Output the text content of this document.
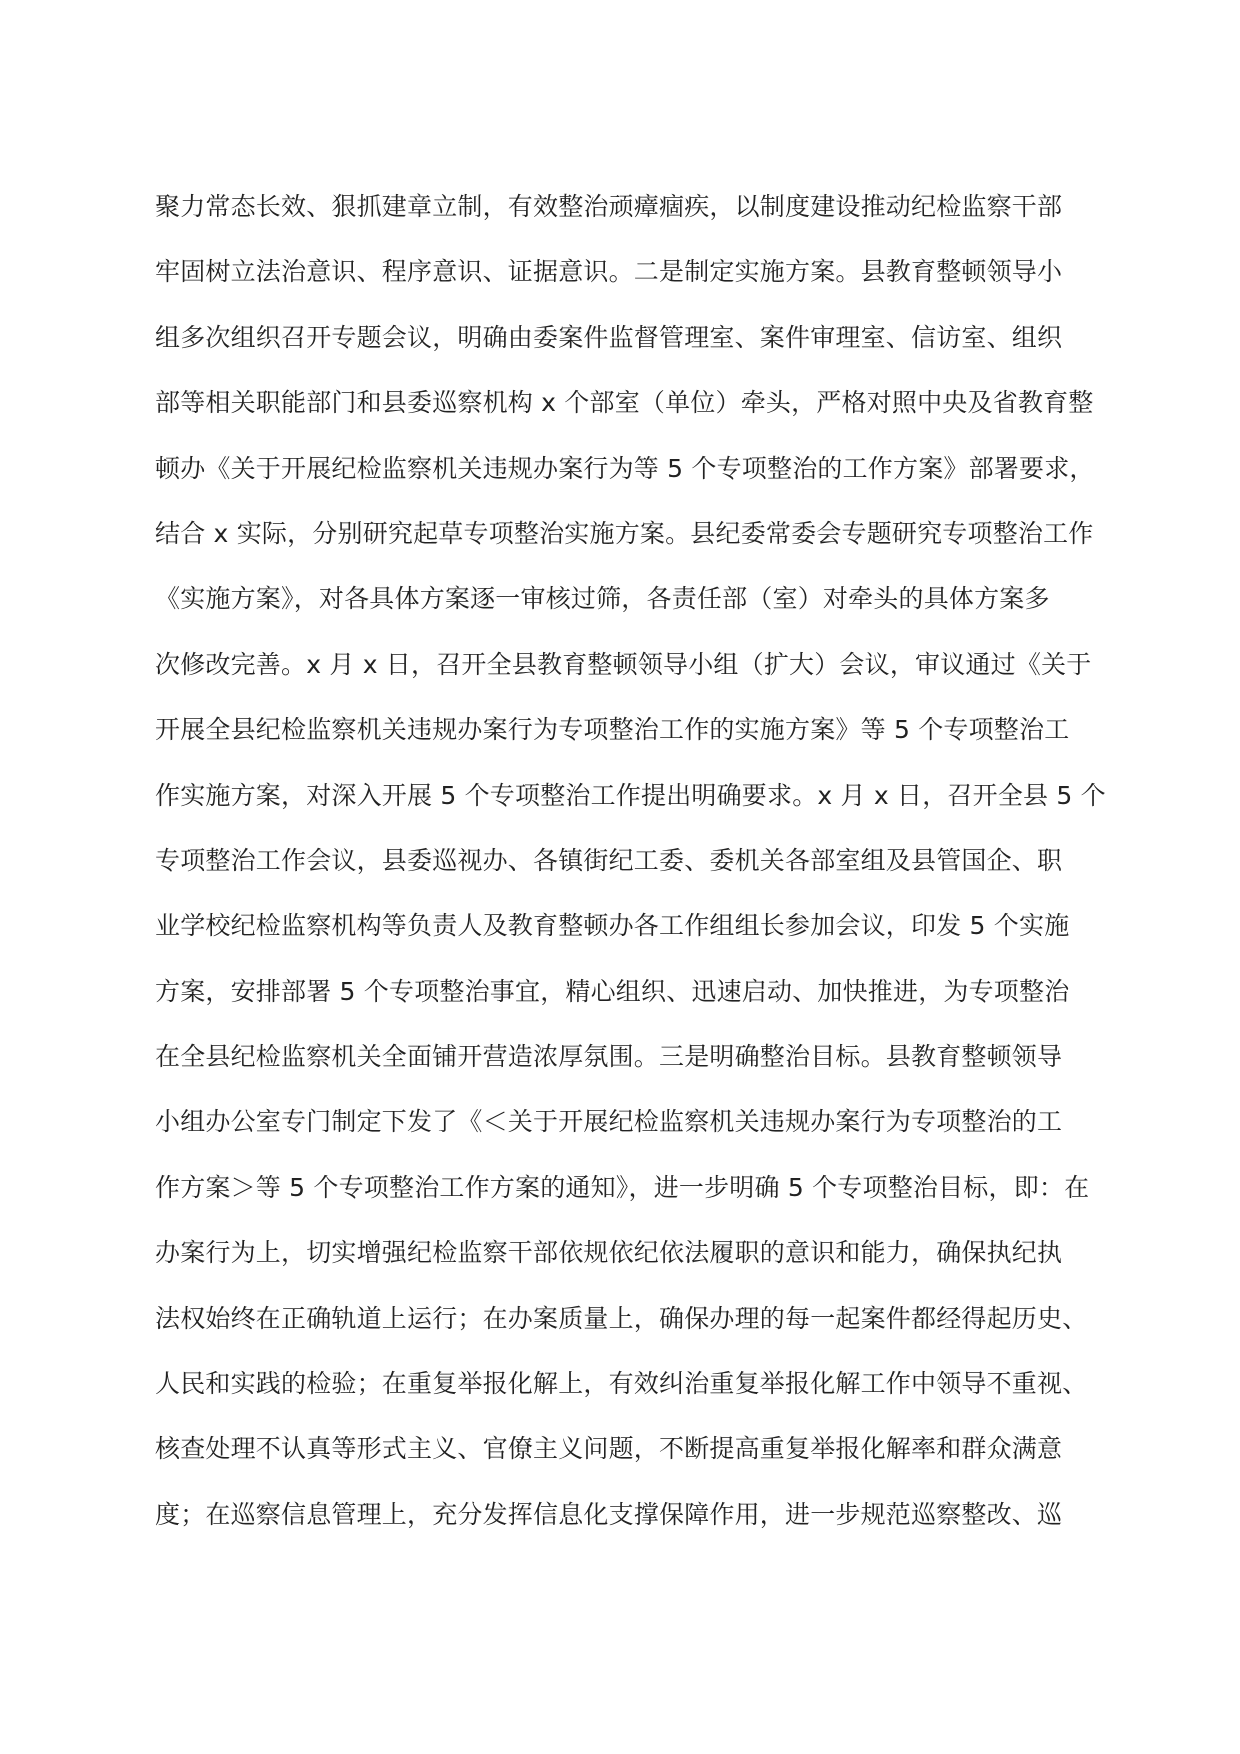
聚力常态长效、狠抓建章立制，有效整治顽瘴痼疾，以制度建设推动纪检监察干部
牢固树立法治意识、程序意识、证据意识。二是制定实施方案。县教育整顿领导小
组多次组织召开专题会议，明确由委案件监督管理室、案件审理室、信访室、组织
部等相关职能部门和县委巡察机构 x 个部室（单位）牵头，严格对照中央及省教育整
顿办《关于开展纪检监察机关违规办案行为等 5 个专项整治的工作方案》部署要求，
结合 x 实际，分别研究起草专项整治实施方案。县纪委常委会专题研究专项整治工作
《实施方案》，对各具体方案逐一审核过筛，各责任部（室）对牵头的具体方案多
次修改完善。x 月 x 日，召开全县教育整顿领导小组（扩大）会议，审议通过《关于
开展全县纪检监察机关违规办案行为专项整治工作的实施方案》等 5 个专项整治工
作实施方案，对深入开展 5 个专项整治工作提出明确要求。x 月 x 日，召开全县 5 个
专项整治工作会议，县委巡视办、各镇街纪工委、委机关各部室组及县管国企、职
业学校纪检监察机构等负责人及教育整顿办各工作组组长参加会议，印发 5 个实施
方案，安排部署 5 个专项整治事宜，精心组织、迅速启动、加快推进，为专项整治
在全县纪检监察机关全面铺开营造浓厚氛围。三是明确整治目标。县教育整顿领导
小组办公室专门制定下发了《＜关于开展纪检监察机关违规办案行为专项整治的工
作方案＞等 5 个专项整治工作方案的通知》，进一步明确 5 个专项整治目标，即：在
办案行为上，切实增强纪检监察干部依规依纪依法履职的意识和能力，确保执纪执
法权始终在正确轨道上运行；在办案质量上，确保办理的每一起案件都经得起历史、
人民和实践的检验；在重复举报化解上，有效纠治重复举报化解工作中领导不重视、
核查处理不认真等形式主义、官僚主义问题，不断提高重复举报化解率和群众满意
度；在巡察信息管理上，充分发挥信息化支撑保障作用，进一步规范巡察整改、巡
